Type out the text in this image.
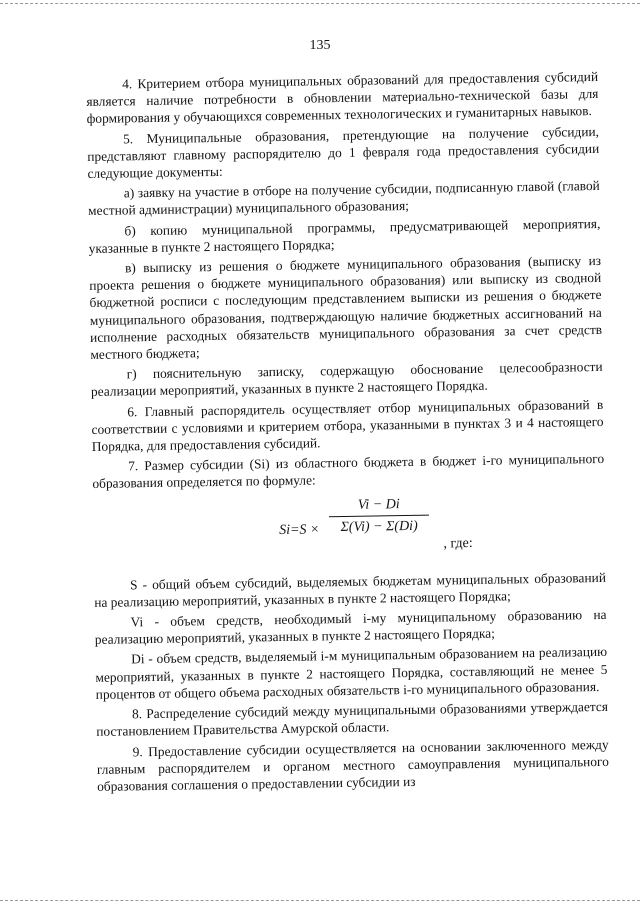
135

4. Критерием отбора муниципальных образований для предоставления субсидий является наличие потребности в обновлении материально-технической базы для формирования у обучающихся современных технологических и гуманитарных навыков.

5. Муниципальные образования, претендующие на получение субсидии, представляют главному распорядителю до 1 февраля года предоставления субсидии следующие документы:

а) заявку на участие в отборе на получение субсидии, подписанную главой (главой местной администрации) муниципального образования;

б) копию муниципальной программы, предусматривающей мероприятия, указанные в пункте 2 настоящего Порядка;

в) выписку из решения о бюджете муниципального образования (выписку из проекта решения о бюджете муниципального образования) или выписку из сводной бюджетной росписи с последующим представлением выписки из решения о бюджете муниципального образования, подтверждающую наличие бюджетных ассигнований на исполнение расходных обязательств муниципального образования за счет средств местного бюджета;

г) пояснительную записку, содержащую обоснование целесообразности реализации мероприятий, указанных в пункте 2 настоящего Порядка.

6. Главный распорядитель осуществляет отбор муниципальных образований в соответствии с условиями и критерием отбора, указанными в пунктах 3 и 4 настоящего Порядка, для предоставления субсидий.

7. Размер субсидии (Si) из областного бюджета в бюджет i-го муниципального образования определяется по формуле:

Si=S ×
Vi − Di
Σ(Vi) − Σ(Di)
, где:

S - общий объем субсидий, выделяемых бюджетам муниципальных образований на реализацию мероприятий, указанных в пункте 2 настоящего Порядка;

Vi - объем средств, необходимый i-му муниципальному образованию на реализацию мероприятий, указанных в пункте 2 настоящего Порядка;

Di - объем средств, выделяемый i-м муниципальным образованием на реализацию мероприятий, указанных в пункте 2 настоящего Порядка, составляющий не менее 5 процентов от общего объема расходных обязательств i-го муниципального образования.

8. Распределение субсидий между муниципальными образованиями утверждается постановлением Правительства Амурской области.

9. Предоставление субсидии осуществляется на основании заключенного между главным распорядителем и органом местного самоуправления муниципального образования соглашения о предоставлении субсидии из
